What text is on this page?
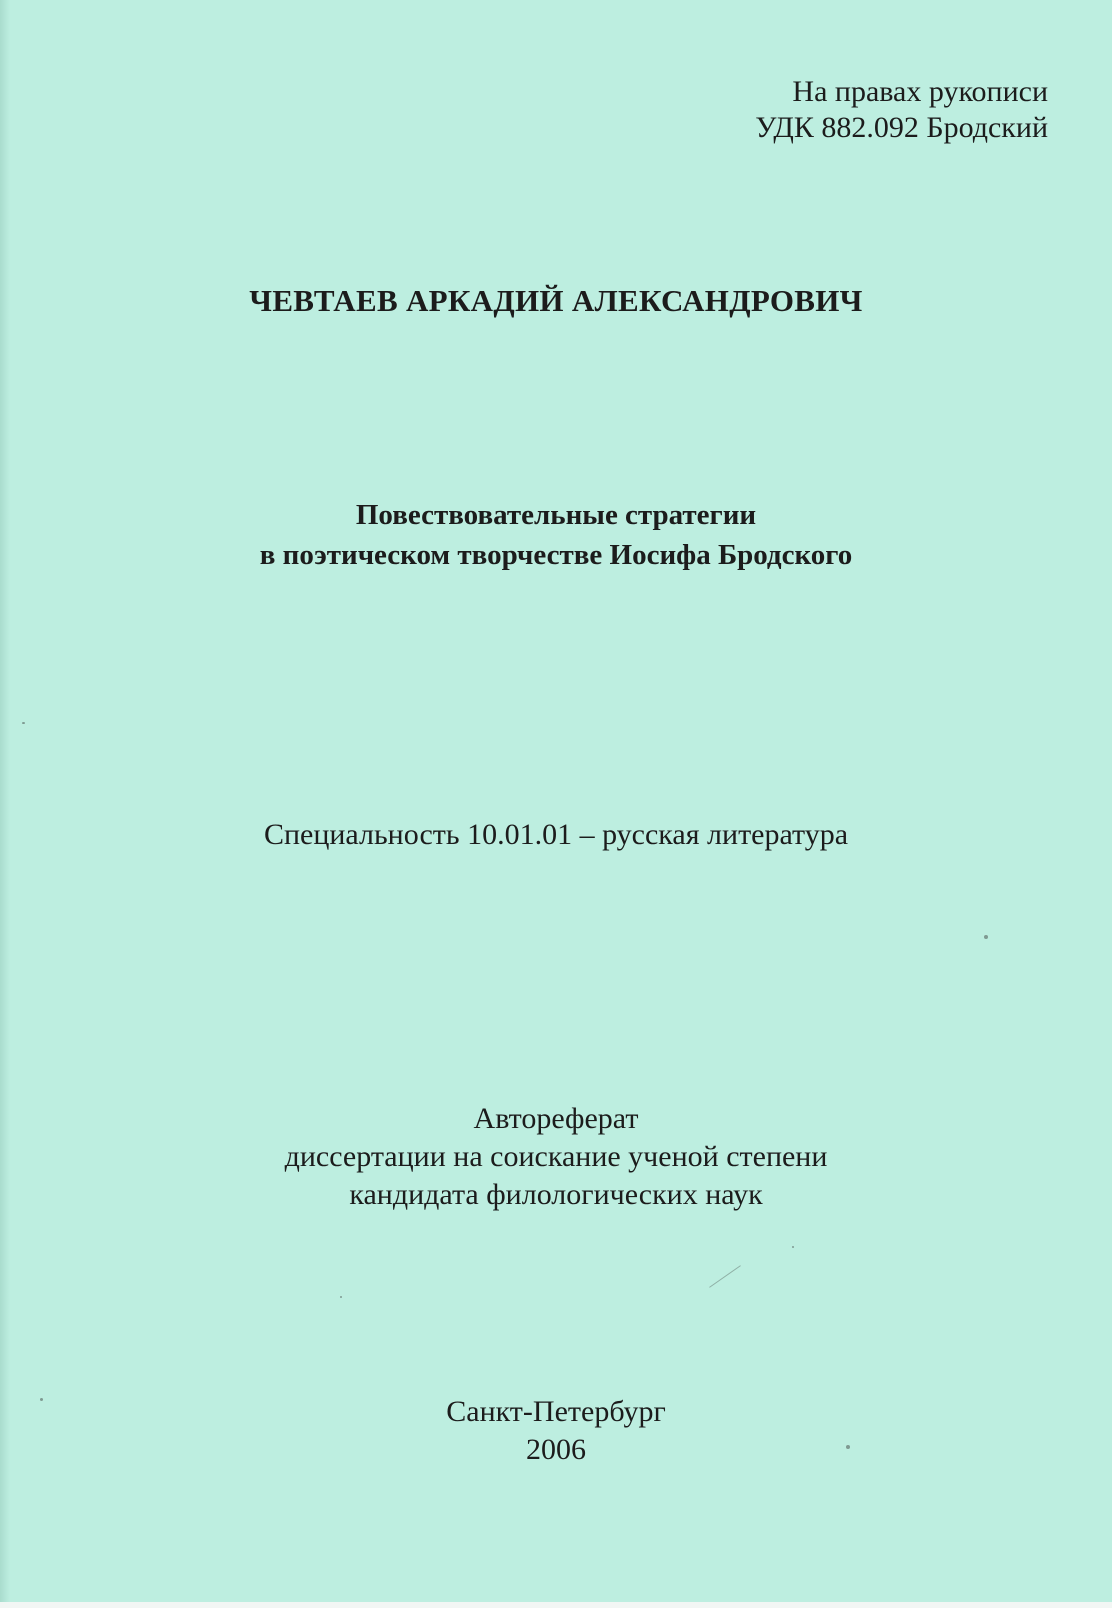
На правах рукописи
УДК 882.092 Бродский
ЧЕВТАЕВ АРКАДИЙ АЛЕКСАНДРОВИЧ
Повествовательные стратегии
в поэтическом творчестве Иосифа Бродского
Специальность 10.01.01 – русская литература
Автореферат
диссертации на соискание ученой степени
кандидата филологических наук
Санкт-Петербург
2006
